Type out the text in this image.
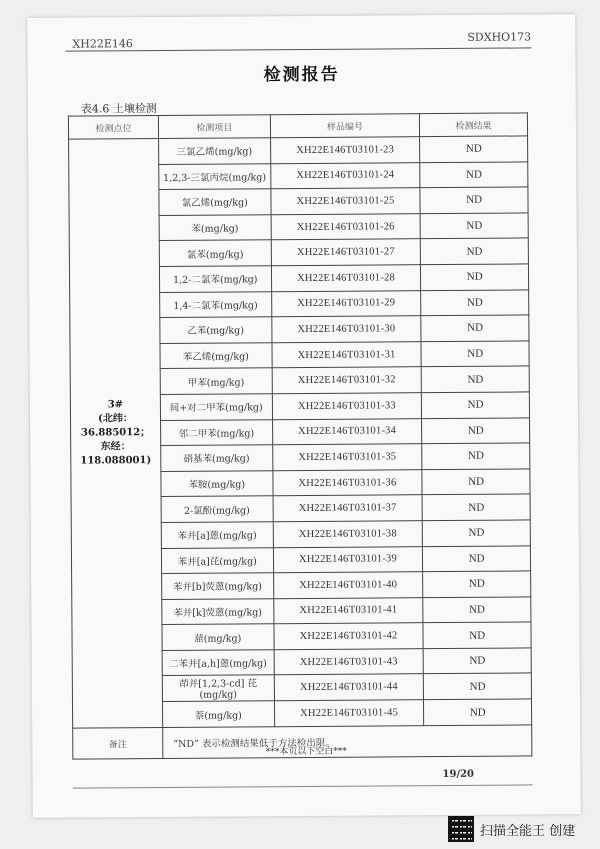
XH22E146
SDXHO173
检测报告
表4.6 土壤检测
检测点位	检测项目	样品编号	检测结果

3#
(北纬：36.885012；
东经：118.088001)	三氯乙烯(mg/kg)	XH22E146T03101-23	ND
	1,2,3-三氯丙烷(mg/kg)	XH22E146T03101-24	ND
	氯乙烯(mg/kg)	XH22E146T03101-25	ND
	苯(mg/kg)	XH22E146T03101-26	ND
	氯苯(mg/kg)	XH22E146T03101-27	ND
	1,2-二氯苯(mg/kg)	XH22E146T03101-28	ND
	1,4-二氯苯(mg/kg)	XH22E146T03101-29	ND
	乙苯(mg/kg)	XH22E146T03101-30	ND
	苯乙烯(mg/kg)	XH22E146T03101-31	ND
	甲苯(mg/kg)	XH22E146T03101-32	ND
	间+对二甲苯(mg/kg)	XH22E146T03101-33	ND
	邻二甲苯(mg/kg)	XH22E146T03101-34	ND
	硝基苯(mg/kg)	XH22E146T03101-35	ND
	苯胺(mg/kg)	XH22E146T03101-36	ND
	2-氯酚(mg/kg)	XH22E146T03101-37	ND
	苯并[a]蒽(mg/kg)	XH22E146T03101-38	ND
	苯并[a]芘(mg/kg)	XH22E146T03101-39	ND
	苯并[b]荧蒽(mg/kg)	XH22E146T03101-40	ND
	苯并[k]荧蒽(mg/kg)	XH22E146T03101-41	ND
	䓛(mg/kg)	XH22E146T03101-42	ND
	二苯并[a,h]蒽(mg/kg)	XH22E146T03101-43	ND
	茚并[1,2,3-cd] 芘(mg/kg)	XH22E146T03101-44	ND
	萘(mg/kg)	XH22E146T03101-45	ND
备注	“ND” 表示检测结果低于方法检出限。		
***本页以下空白***
19/20
扫描全能王 创建
